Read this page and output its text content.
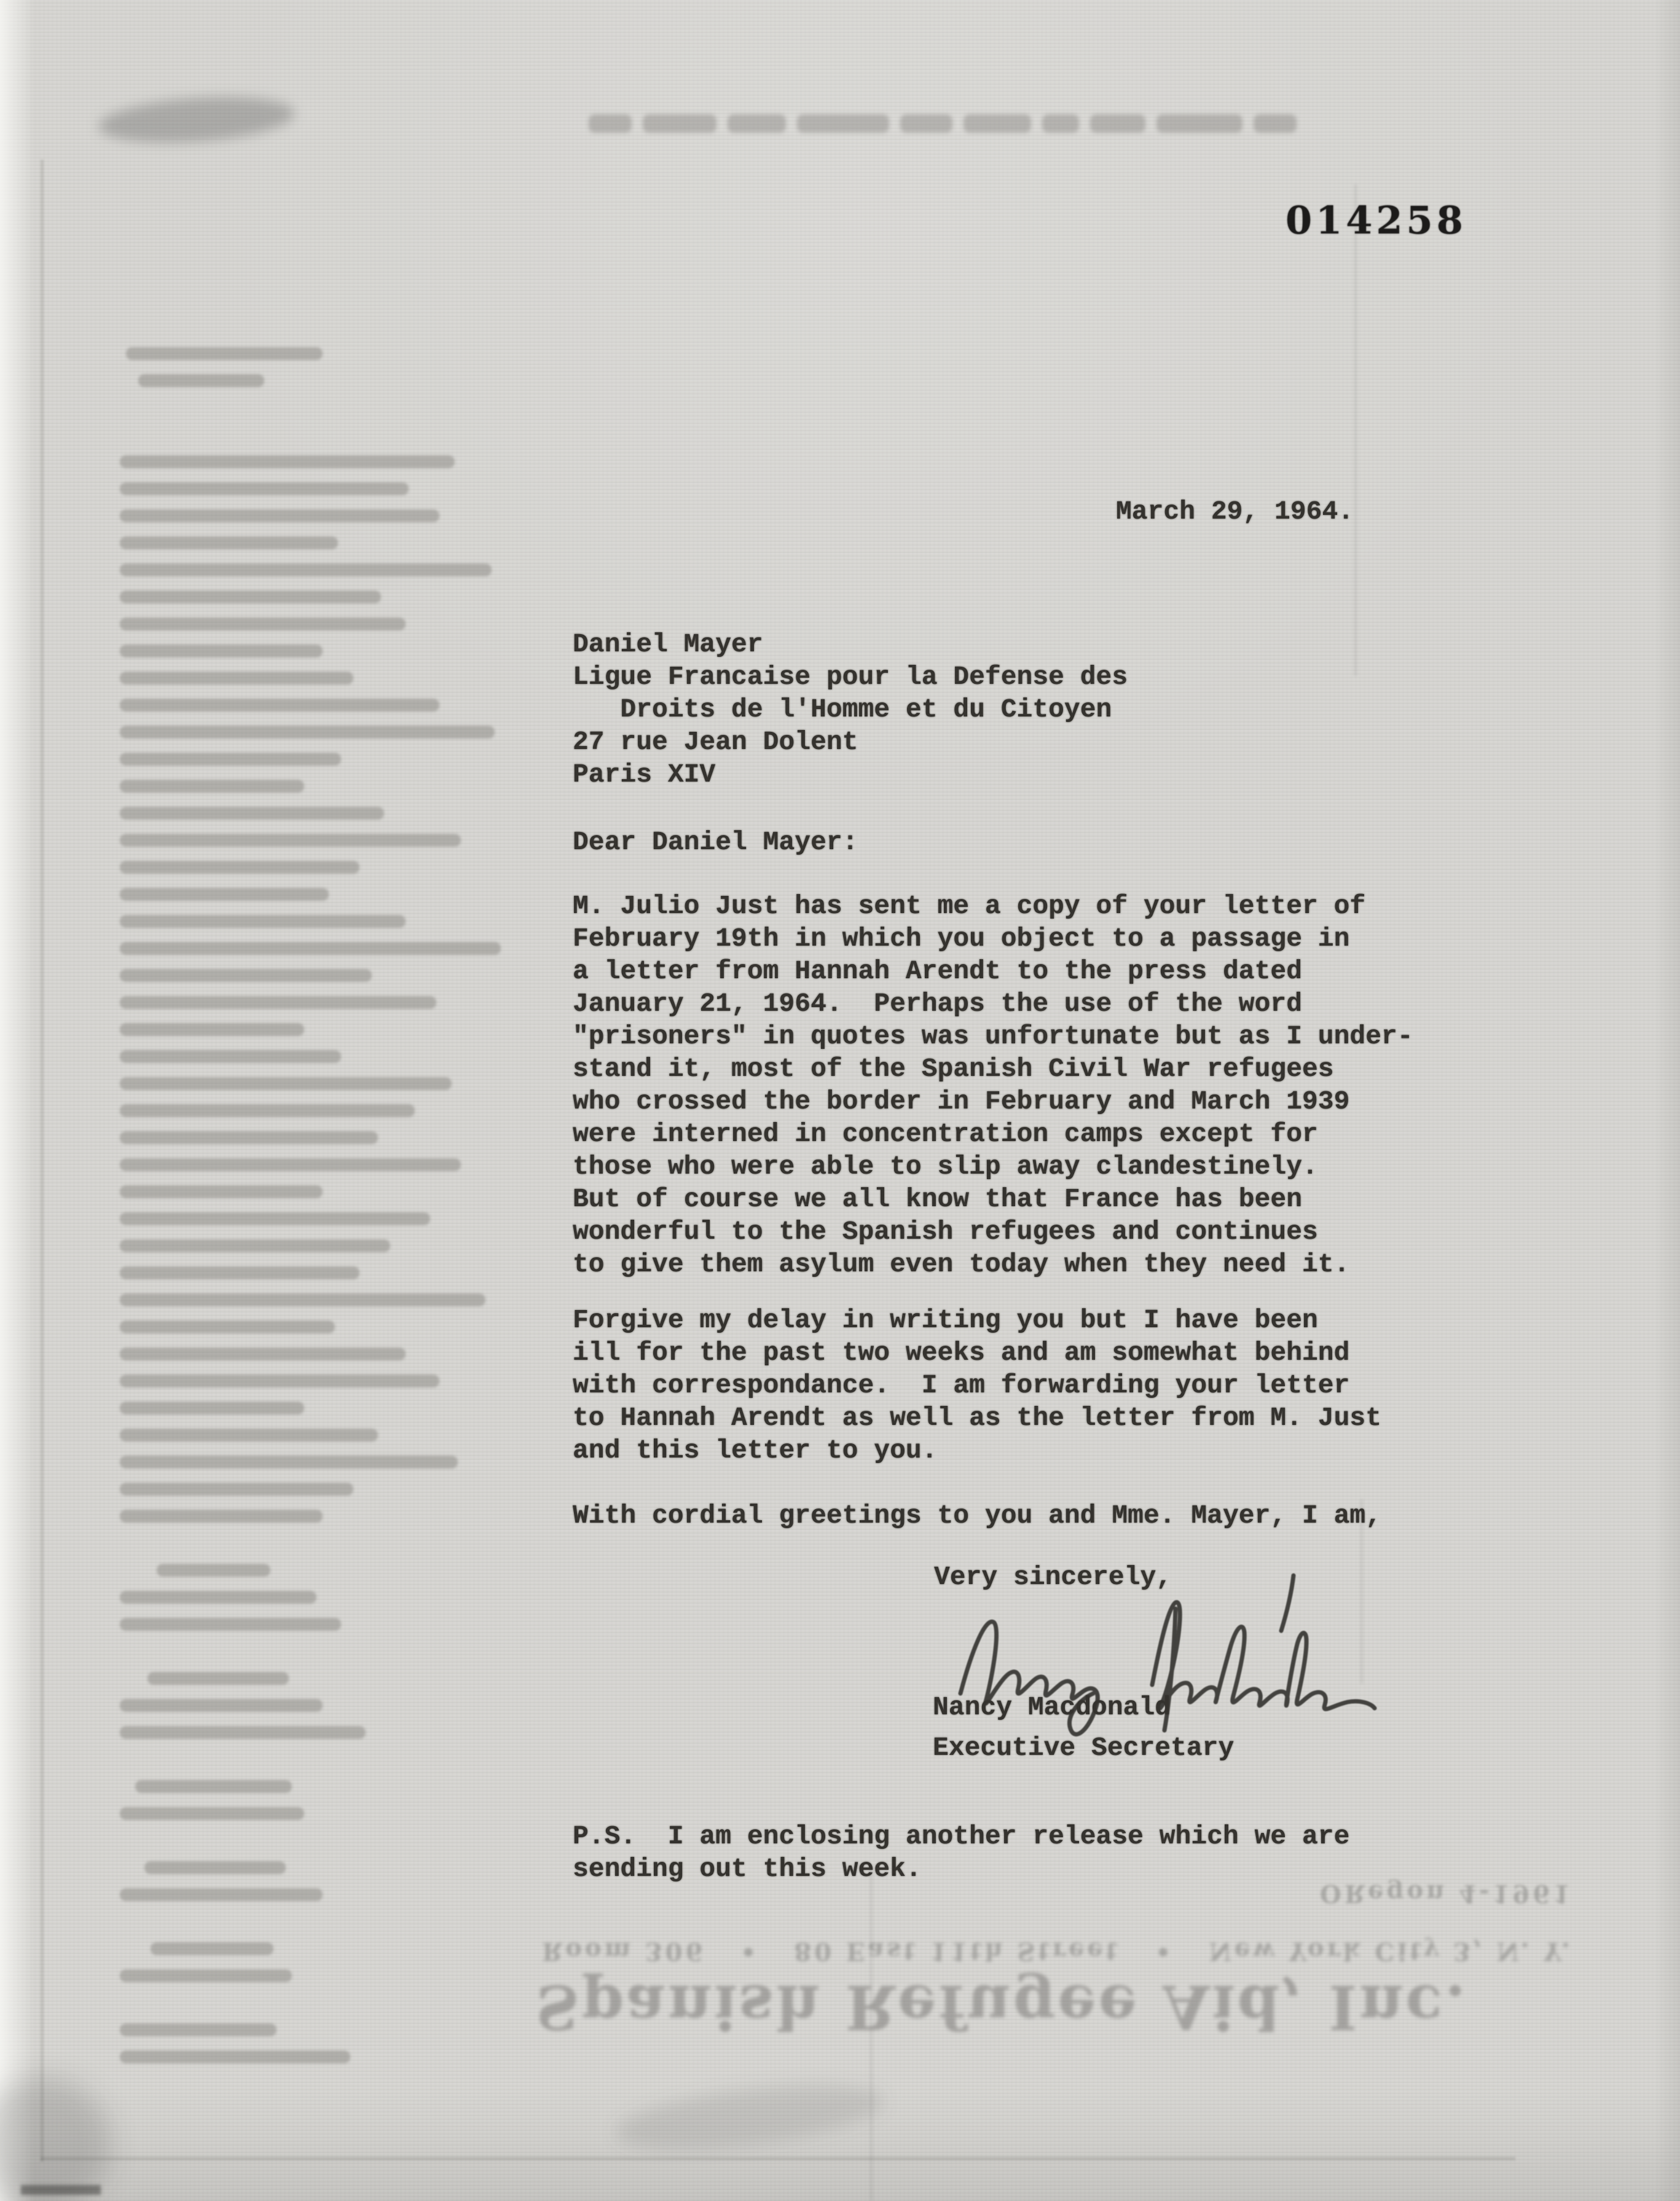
014258
March 29, 1964.
Daniel Mayer
Ligue Francaise pour la Defense des
Droits de l'Homme et du Citoyen
27 rue Jean Dolent
Paris XIV
Dear Daniel Mayer:
M. Julio Just has sent me a copy of your letter of
February 19th in which you object to a passage in
a letter from Hannah Arendt to the press dated
January 21, 1964.  Perhaps the use of the word
"prisoners" in quotes was unfortunate but as I under-
stand it, most of the Spanish Civil War refugees
who crossed the border in February and March 1939
were interned in concentration camps except for
those who were able to slip away clandestinely.
But of course we all know that France has been
wonderful to the Spanish refugees and continues
to give them asylum even today when they need it.
Forgive my delay in writing you but I have been
ill for the past two weeks and am somewhat behind
with correspondance.  I am forwarding your letter
to Hannah Arendt as well as the letter from M. Just
and this letter to you.
With cordial greetings to you and Mme. Mayer, I am,
Very sincerely,
Nancy Macdonald
Executive Secretary
P.S.  I am enclosing another release which we are
sending out this week.
ORegon 4-1961
Room 306   •   80 East 11th Street   •   New York City 3, N. Y.
Spanish Refugee Aid, Inc.
